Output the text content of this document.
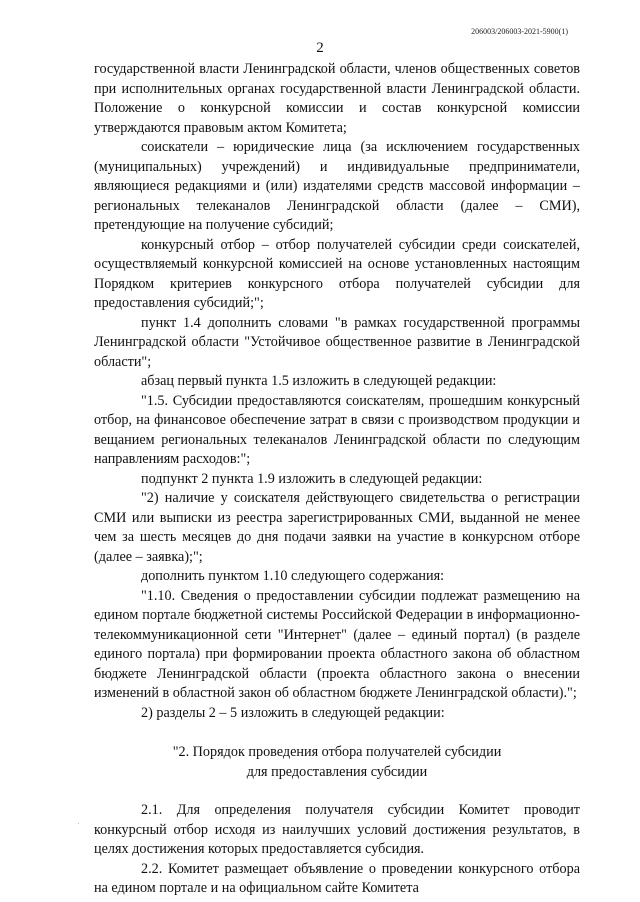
206003/206003-2021-5900(1)
2

государственной власти Ленинградской области, членов общественных советов при исполнительных органах государственной власти Ленинградской области. Положение о конкурсной комиссии и состав конкурсной комиссии утверждаются правовым актом Комитета;

соискатели – юридические лица (за исключением государственных (муниципальных) учреждений) и индивидуальные предприниматели, являющиеся редакциями и (или) издателями средств массовой информации – региональных телеканалов Ленинградской области (далее – СМИ), претендующие на получение субсидий;

конкурсный отбор – отбор получателей субсидии среди соискателей, осуществляемый конкурсной комиссией на основе установленных настоящим Порядком критериев конкурсного отбора получателей субсидии для предоставления субсидий;";

пункт 1.4 дополнить словами "в рамках государственной программы Ленинградской области "Устойчивое общественное развитие в Ленинградской области";

абзац первый пункта 1.5 изложить в следующей редакции:

"1.5. Субсидии предоставляются соискателям, прошедшим конкурсный отбор, на финансовое обеспечение затрат в связи с производством продукции и вещанием региональных телеканалов Ленинградской области по следующим направлениям расходов:";

подпункт 2 пункта 1.9 изложить в следующей редакции:

"2) наличие у соискателя действующего свидетельства о регистрации СМИ или выписки из реестра зарегистрированных СМИ, выданной не менее чем за шесть месяцев до дня подачи заявки на участие в конкурсном отборе (далее – заявка);";

дополнить пунктом 1.10 следующего содержания:

"1.10. Сведения о предоставлении субсидии подлежат размещению на едином портале бюджетной системы Российской Федерации в информационно-телекоммуникационной сети "Интернет" (далее – единый портал) (в разделе единого портала) при формировании проекта областного закона об областном бюджете Ленинградской области (проекта областного закона о внесении изменений в областной закон об областном бюджете Ленинградской области).";

2) разделы 2 – 5 изложить в следующей редакции:

"2. Порядок проведения отбора получателей субсидии
для предоставления субсидии

2.1. Для определения получателя субсидии Комитет проводит конкурсный отбор исходя из наилучших условий достижения результатов, в целях достижения которых предоставляется субсидия.

2.2. Комитет размещает объявление о проведении конкурсного отбора на едином портале и на официальном сайте Комитета
